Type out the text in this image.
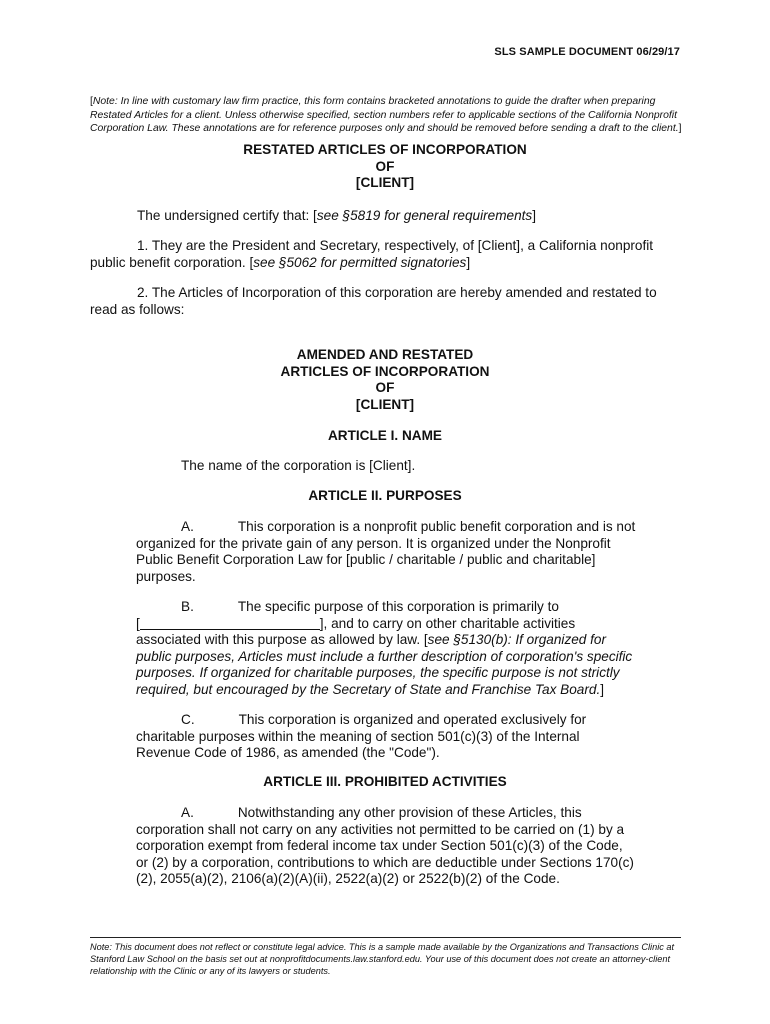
SLS SAMPLE DOCUMENT 06/29/17
[Note: In line with customary law firm practice, this form contains bracketed annotations to guide the drafter when preparing Restated Articles for a client. Unless otherwise specified, section numbers refer to applicable sections of the California Nonprofit Corporation Law. These annotations are for reference purposes only and should be removed before sending a draft to the client.]
RESTATED ARTICLES OF INCORPORATION
OF
[CLIENT]
The undersigned certify that: [see §5819 for general requirements]
1. They are the President and Secretary, respectively, of [Client], a California nonprofit public benefit corporation. [see §5062 for permitted signatories]
2. The Articles of Incorporation of this corporation are hereby amended and restated to read as follows:
AMENDED AND RESTATED
ARTICLES OF INCORPORATION
OF
[CLIENT]
ARTICLE I. NAME
The name of the corporation is [Client].
ARTICLE II. PURPOSES
A.	This corporation is a nonprofit public benefit corporation and is not organized for the private gain of any person. It is organized under the Nonprofit Public Benefit Corporation Law for [public / charitable / public and charitable] purposes.
B.	The specific purpose of this corporation is primarily to
[	], and to carry on other charitable activities associated with this purpose as allowed by law. [see §5130(b): If organized for public purposes, Articles must include a further description of corporation's specific purposes. If organized for charitable purposes, the specific purpose is not strictly required, but encouraged by the Secretary of State and Franchise Tax Board.]
C.	This corporation is organized and operated exclusively for charitable purposes within the meaning of section 501(c)(3) of the Internal Revenue Code of 1986, as amended (the "Code").
ARTICLE III. PROHIBITED ACTIVITIES
A.	Notwithstanding any other provision of these Articles, this corporation shall not carry on any activities not permitted to be carried on (1) by a corporation exempt from federal income tax under Section 501(c)(3) of the Code, or (2) by a corporation, contributions to which are deductible under Sections 170(c)(2), 2055(a)(2), 2106(a)(2)(A)(ii), 2522(a)(2) or 2522(b)(2) of the Code.
Note: This document does not reflect or constitute legal advice. This is a sample made available by the Organizations and Transactions Clinic at Stanford Law School on the basis set out at nonprofitdocuments.law.stanford.edu. Your use of this document does not create an attorney-client relationship with the Clinic or any of its lawyers or students.
